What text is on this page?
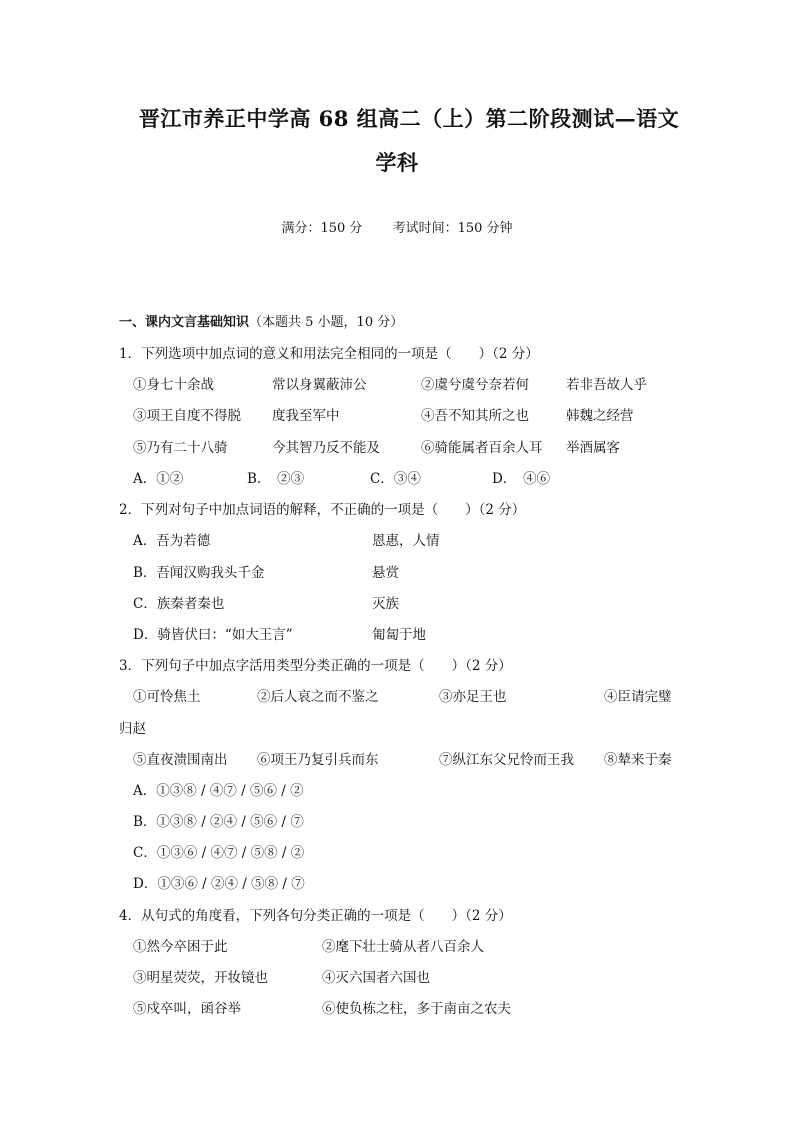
晋江市养正中学高 68 组高二（上）第二阶段测试—语文
学科
满分：150 分 考试时间：150 分钟
一、课内文言基础知识（本题共 5 小题，10 分）
1．下列选项中加点词的意义和用法完全相同的一项是（　　）（2 分）
①身七十余战	常以身翼蔽沛公	②虞兮虞兮奈若何	若非吾故人乎
③项王自度不得脱 度我至军中	④吾不知其所之也	韩魏之经营
⑤乃有二十八骑	今其智乃反不能及	⑥骑能属者百余人耳 举酒属客
A．①②	B．　②③	C．③④	D．　④⑥
2．下列对句子中加点词语的解释，不正确的一项是（　　）（2 分）
A．吾为若德	恩惠，人情
B．吾闻汉购我头千金	悬赏
C．族秦者秦也	灭族
D．骑皆伏曰：“如大王言”	匍匐于地
3．下列句子中加点字活用类型分类正确的一项是（　　）（2 分）
①可怜焦土	②后人哀之而不鉴之	③亦足王也	④臣请完璧
归赵
⑤直夜溃围南出 ⑥项王乃复引兵而东	⑦纵江东父兄怜而王我 ⑧辇来于秦
A．①③⑧ / ④⑦ / ⑤⑥ / ②
B．①③⑧ / ②④ / ⑤⑥ / ⑦
C．①③⑥ / ④⑦ / ⑤⑧ / ②
D．①③⑥ / ②④ / ⑤⑧ / ⑦
4．从句式的角度看，下列各句分类正确的一项是（　　）（2 分）
①然今卒困于此	②麾下壮士骑从者八百余人
③明星荧荧，开妆镜也	④灭六国者六国也
⑤戍卒叫，函谷举	⑥使负栋之柱，多于南亩之农夫
